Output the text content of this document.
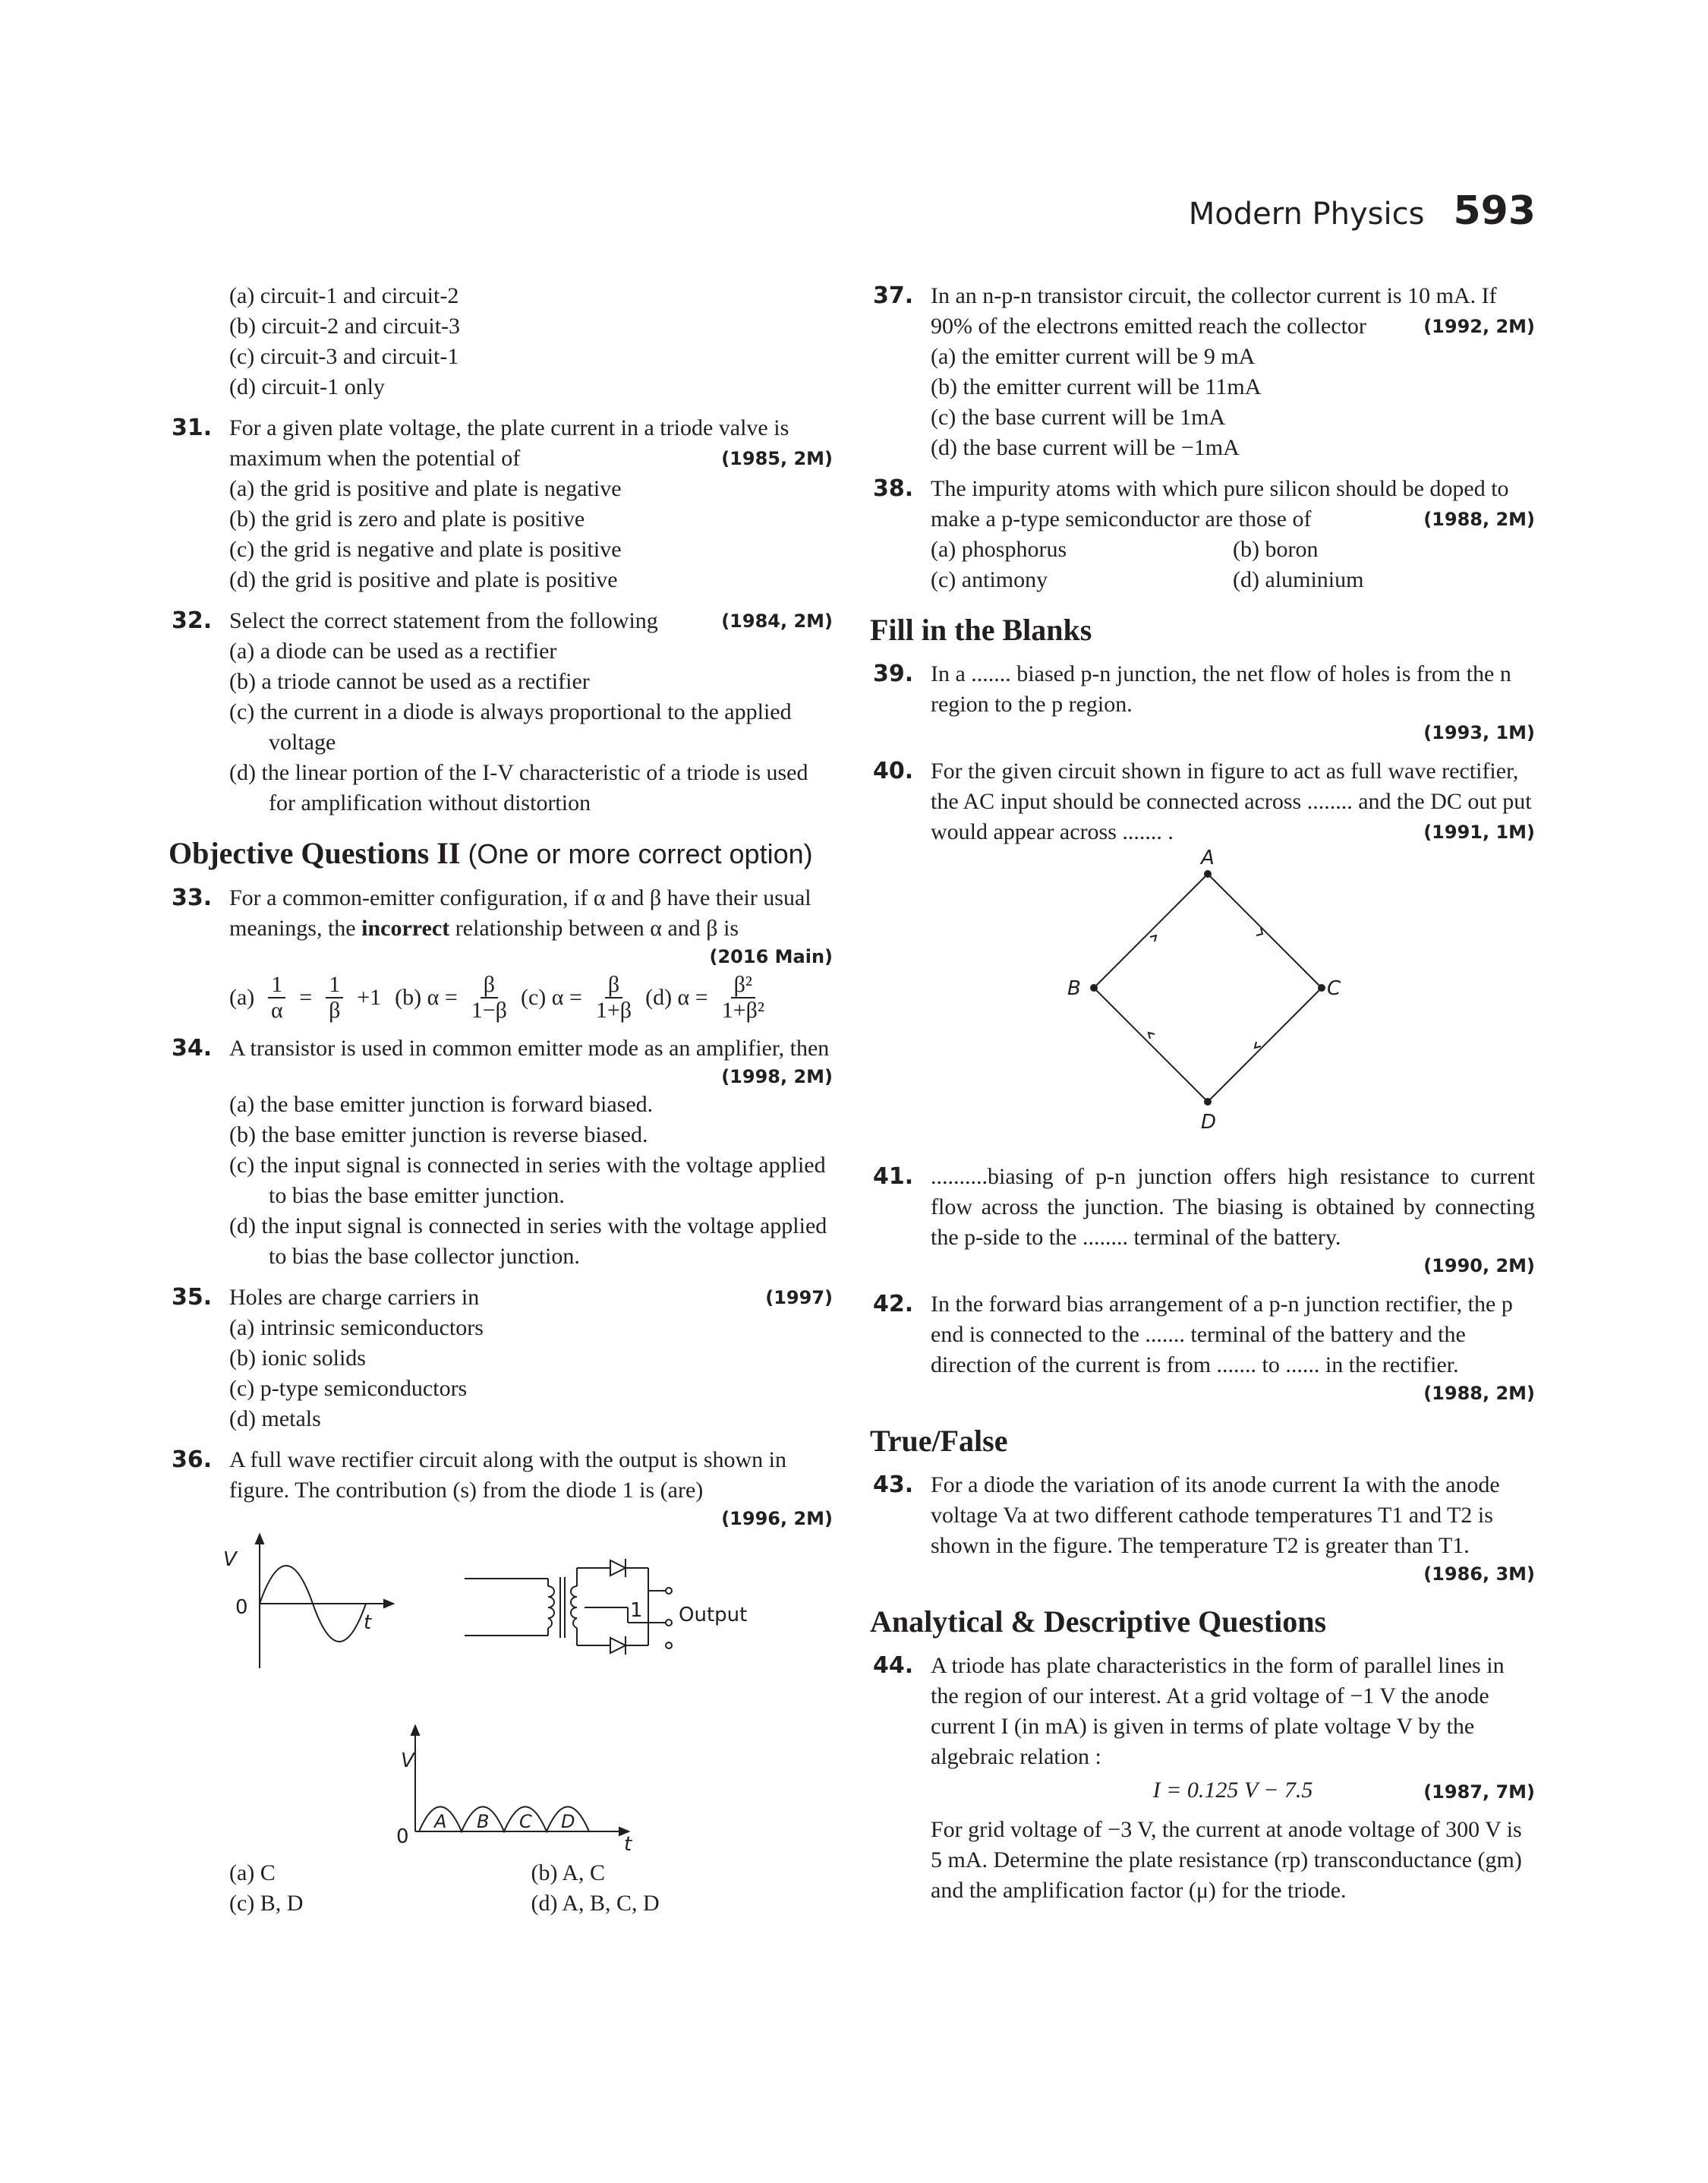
Modern Physics 593
(a) circuit-1 and circuit-2
(b) circuit-2 and circuit-3
(c) circuit-3 and circuit-1
(d) circuit-1 only
31. For a given plate voltage, the plate current in a triode valve is maximum when the potential of	(1985, 2M)
(a) the grid is positive and plate is negative
(b) the grid is zero and plate is positive
(c) the grid is negative and plate is positive
(d) the grid is positive and plate is positive
32. Select the correct statement from the following	(1984, 2M)
(a) a diode can be used as a rectifier
(b) a triode cannot be used as a rectifier
(c) the current in a diode is always proportional to the applied voltage
(d) the linear portion of the I-V characteristic of a triode is used for amplification without distortion
Objective Questions II (One or more correct option)
33. For a common-emitter configuration, if α and β have their usual meanings, the incorrect relationship between α and β is
(2016 Main)
$(a) \frac{1}{\alpha} = \frac{1}{\beta} +1$ (b) $\alpha = \frac{\beta}{1-\beta} (c) \alpha = \frac{\beta}{1+\beta} (d) \alpha = \frac{\text{β²}}{\text{1+β²}}$
34. A transistor is used in common emitter mode as an amplifier, then
(1998, 2M)
(a) the base emitter junction is forward biased.
(b) the base emitter junction is reverse biased.
(c) the input signal is connected in series with the voltage applied to bias the base emitter junction.
(d) the input signal is connected in series with the voltage applied to bias the base collector junction.
35. Holes are charge carriers in	(1997)
(a) intrinsic semiconductors
(b) ionic solids
(c) p-type semiconductors
(d) metals
36. A full wave rectifier circuit along with the output is shown in figure. The contribution (s) from the diode 1 is (are)
(1996, 2M)
V
0
t
1 Output
V
0	t
A B C D
(a) C	(b) A, C
(c) B, D	(d) A, B, C, D
37. In an n-p-n transistor circuit, the collector current is 10 mA. If 90% of the electrons emitted reach the collector	(1992, 2M)
(a) the emitter current will be 9 mA
(b) the emitter current will be 11mA
(c) the base current will be 1mA
(d) the base current will be −1mA
38. The impurity atoms with which pure silicon should be doped to make a p-type semiconductor are those of	(1988, 2M)
(a) phosphorus	(b) boron
(c) antimony	(d) aluminium
Fill in the Blanks
39. In a ....... biased p-n junction, the net flow of holes is from the n region to the p region.
(1993, 1M)
40. For the given circuit shown in figure to act as full wave rectifier, the AC input should be connected across ........ and the DC out put would appear across ....... .	(1991, 1M)
A
B	C
D
41. ..........biasing of p-n junction offers high resistance to current flow across the junction. The biasing is obtained by connecting the p-side to the ........ terminal of the battery.
(1990, 2M)
42. In the forward bias arrangement of a p-n junction rectifier, the p end is connected to the ....... terminal of the battery and the direction of the current is from ....... to ...... in the rectifier.
(1988, 2M)
True/False
43. For a diode the variation of its anode current Ia with the anode voltage Va at two different cathode temperatures T1 and T2 is shown in the figure. The temperature T2 is greater than T1.
(1986, 3M)
Analytical & Descriptive Questions
44. A triode has plate characteristics in the form of parallel lines in the region of our interest. At a grid voltage of −1 V the anode current I (in mA) is given in terms of plate voltage V by the algebraic relation :
I = 0.125 V − 7.5	(1987, 7M)
For grid voltage of −3 V, the current at anode voltage of 300 V is 5 mA. Determine the plate resistance (rp) transconductance (gm) and the amplification factor (μ) for the triode.
